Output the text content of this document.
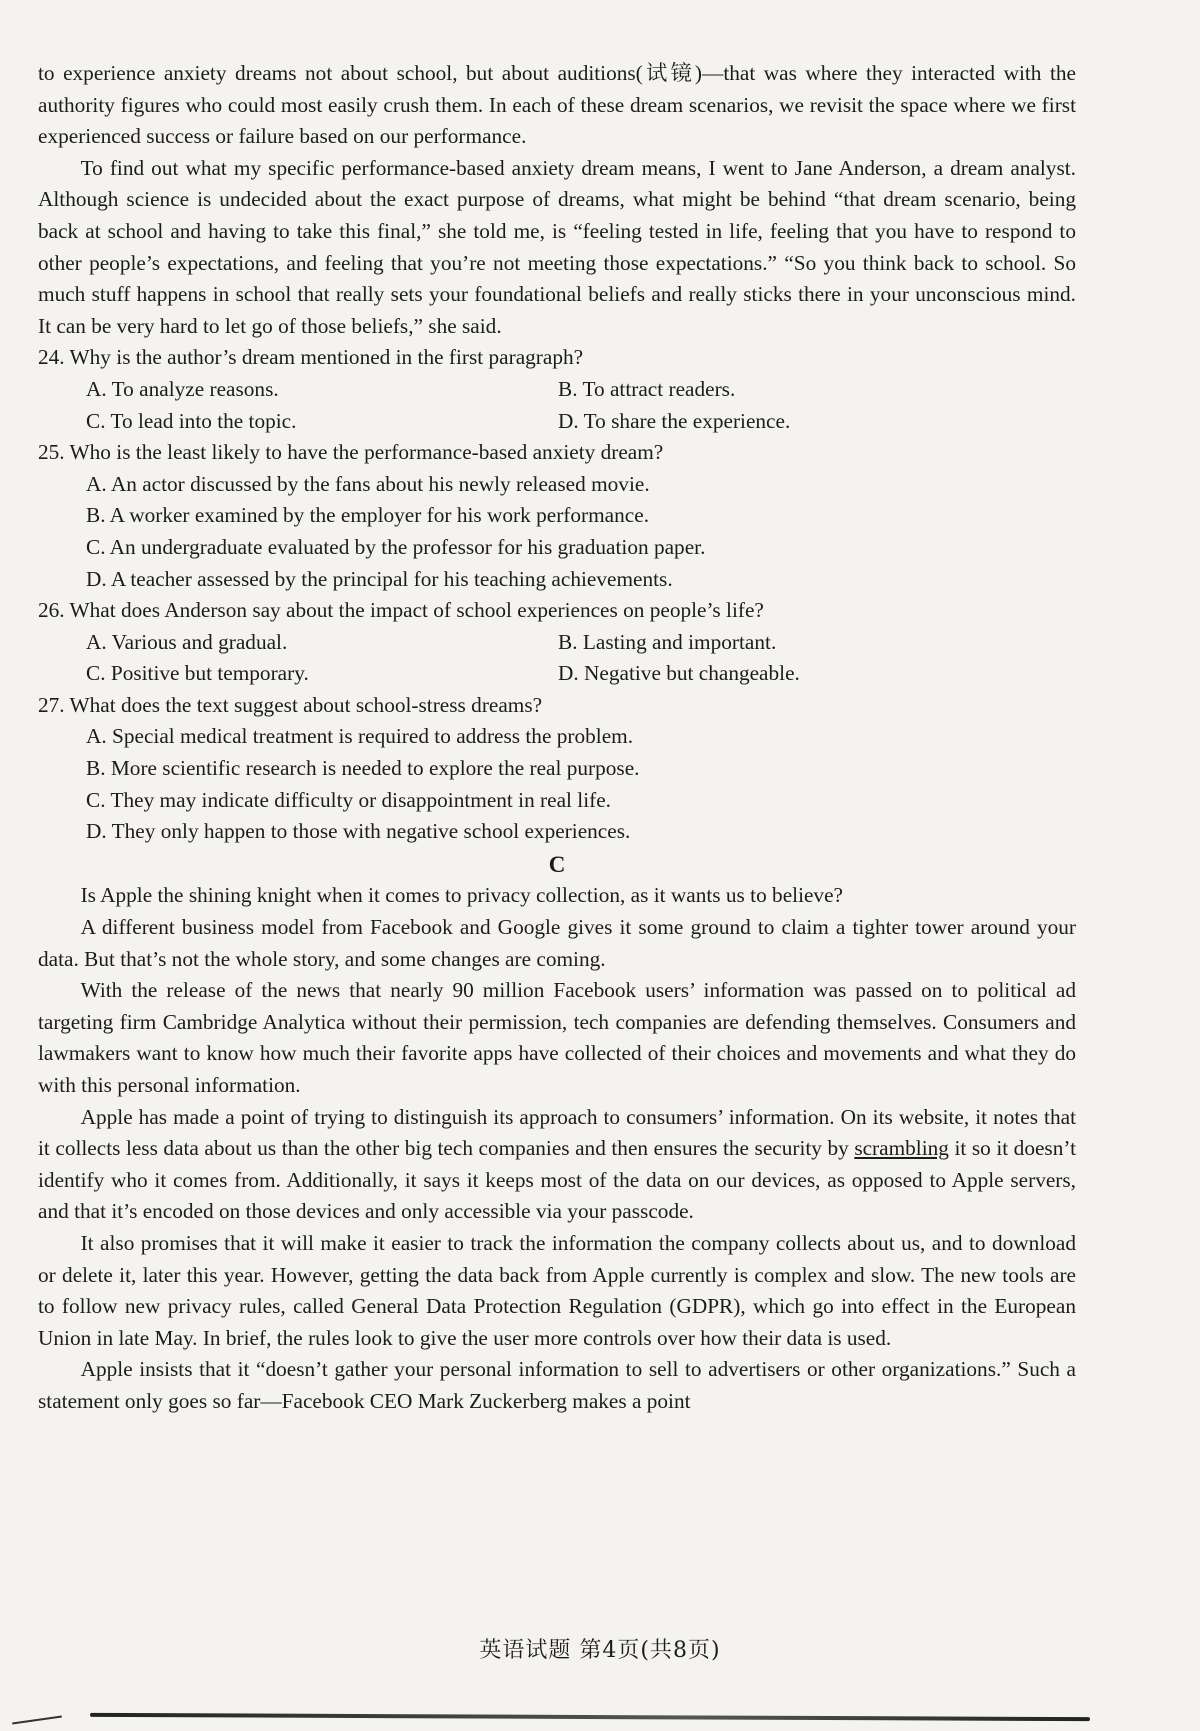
to experience anxiety dreams not about school, but about auditions(试镜)—that was where they interacted with the authority figures who could most easily crush them. In each of these dream scenarios, we revisit the space where we first experienced success or failure based on our performance.

To find out what my specific performance-based anxiety dream means, I went to Jane Anderson, a dream analyst. Although science is undecided about the exact purpose of dreams, what might be behind “that dream scenario, being back at school and having to take this final,” she told me, is “feeling tested in life, feeling that you have to respond to other people’s expectations, and feeling that you’re not meeting those expectations.” “So you think back to school. So much stuff happens in school that really sets your foundational beliefs and really sticks there in your unconscious mind. It can be very hard to let go of those beliefs,” she said.

24. Why is the author’s dream mentioned in the first paragraph?

A. To analyze reasons.	B. To attract readers.
C. To lead into the topic.	D. To share the experience.

25. Who is the least likely to have the performance-based anxiety dream?

A. An actor discussed by the fans about his newly released movie.
B. A worker examined by the employer for his work performance.
C. An undergraduate evaluated by the professor for his graduation paper.
D. A teacher assessed by the principal for his teaching achievements.

26. What does Anderson say about the impact of school experiences on people’s life?

A. Various and gradual.	B. Lasting and important.
C. Positive but temporary.	D. Negative but changeable.

27. What does the text suggest about school-stress dreams?

A. Special medical treatment is required to address the problem.
B. More scientific research is needed to explore the real purpose.
C. They may indicate difficulty or disappointment in real life.
D. They only happen to those with negative school experiences.
C

Is Apple the shining knight when it comes to privacy collection, as it wants us to believe?

A different business model from Facebook and Google gives it some ground to claim a tighter tower around your data. But that’s not the whole story, and some changes are coming.

With the release of the news that nearly 90 million Facebook users’ information was passed on to political ad targeting firm Cambridge Analytica without their permission, tech companies are defending themselves. Consumers and lawmakers want to know how much their favorite apps have collected of their choices and movements and what they do with this personal information.

Apple has made a point of trying to distinguish its approach to consumers’ information. On its website, it notes that it collects less data about us than the other big tech companies and then ensures the security by scrambling it so it doesn’t identify who it comes from. Additionally, it says it keeps most of the data on our devices, as opposed to Apple servers, and that it’s encoded on those devices and only accessible via your passcode.

It also promises that it will make it easier to track the information the company collects about us, and to download or delete it, later this year. However, getting the data back from Apple currently is complex and slow. The new tools are to follow new privacy rules, called General Data Protection Regulation (GDPR), which go into effect in the European Union in late May. In brief, the rules look to give the user more controls over how their data is used.

Apple insists that it “doesn’t gather your personal information to sell to advertisers or other organizations.” Such a statement only goes so far—Facebook CEO Mark Zuckerberg makes a point

英语试题 第4页(共8页)
